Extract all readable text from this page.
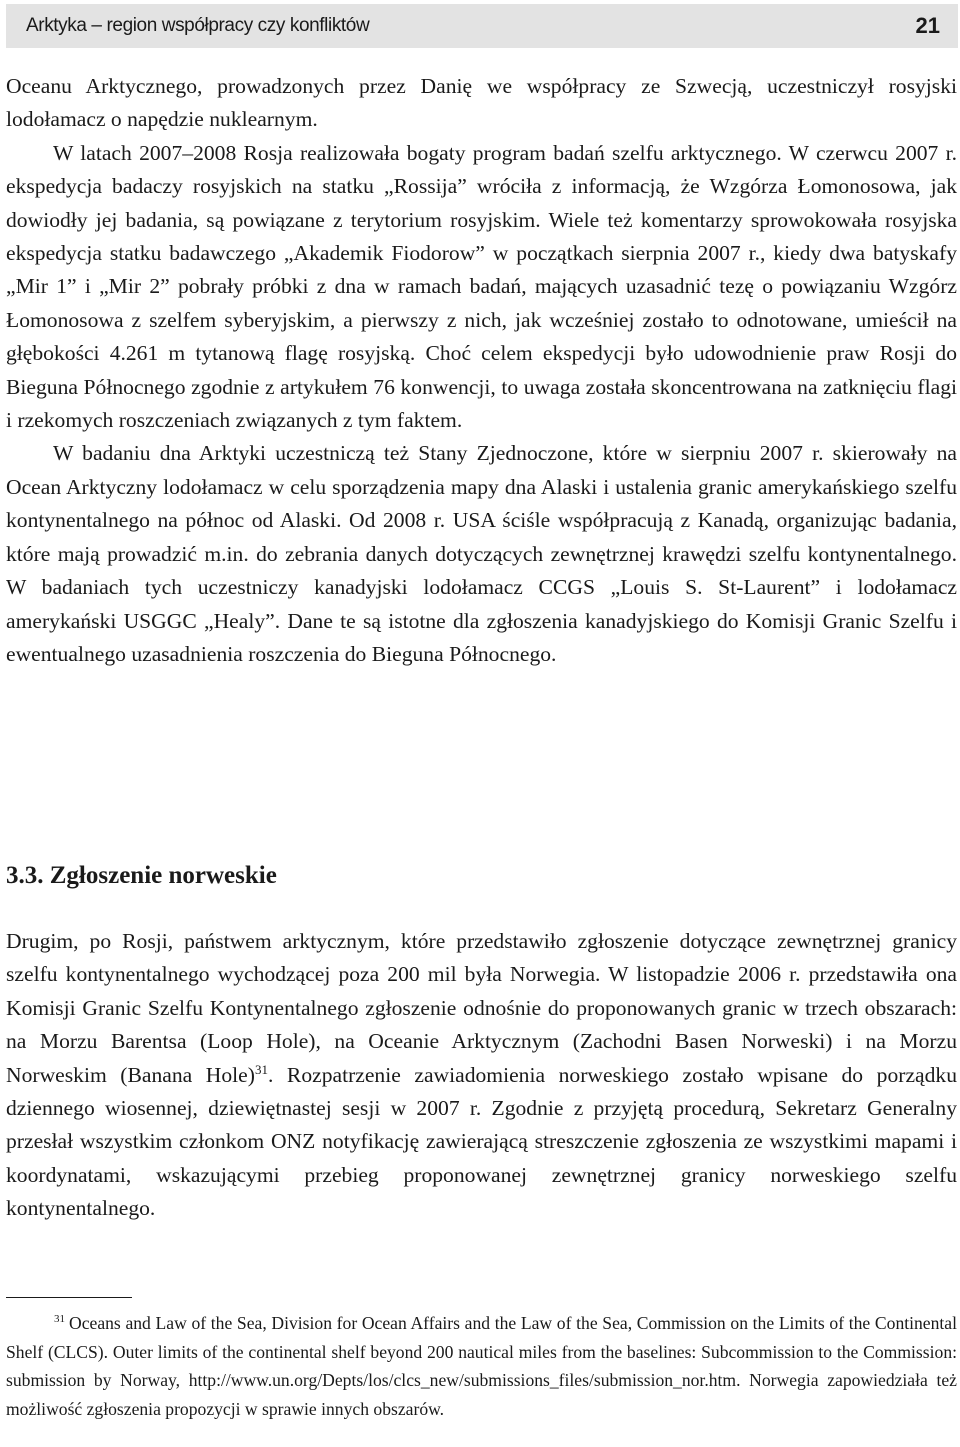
Arktyka – region współpracy czy konfliktów	21

Oceanu Arktycznego, prowadzonych przez Danię we współpracy ze Szwecją, uczestniczył rosyjski lodołamacz o napędzie nuklearnym.

W latach 2007–2008 Rosja realizowała bogaty program badań szelfu arktycznego. W czerwcu 2007 r. ekspedycja badaczy rosyjskich na statku „Rossija” wróciła z informacją, że Wzgórza Łomonosowa, jak dowiodły jej badania, są powiązane z terytorium rosyjskim. Wiele też komentarzy sprowokowała rosyjska ekspedycja statku badawczego „Akademik Fiodorow” w początkach sierpnia 2007 r., kiedy dwa batyskafy „Mir 1” i „Mir 2” pobrały próbki z dna w ramach badań, mających uzasadnić tezę o powiązaniu Wzgórz Łomonosowa z szelfem syberyjskim, a pierwszy z nich, jak wcześniej zostało to odnotowane, umieścił na głębokości 4.261 m tytanową flagę rosyjską. Choć celem ekspedycji było udowodnienie praw Rosji do Bieguna Północnego zgodnie z artykułem 76 konwencji, to uwaga została skoncentrowana na zatknięciu flagi i rzekomych roszczeniach związanych z tym faktem.

W badaniu dna Arktyki uczestniczą też Stany Zjednoczone, które w sierpniu 2007 r. skierowały na Ocean Arktyczny lodołamacz w celu sporządzenia mapy dna Alaski i ustalenia granic amerykańskiego szelfu kontynentalnego na północ od Alaski. Od 2008 r. USA ściśle współpracują z Kanadą, organizując badania, które mają prowadzić m.in. do zebrania danych dotyczących zewnętrznej krawędzi szelfu kontynentalnego. W badaniach tych uczestniczy kanadyjski lodołamacz CCGS „Louis S. St-Laurent” i lodołamacz amerykański USGGC „Healy”. Dane te są istotne dla zgłoszenia kanadyjskiego do Komisji Granic Szelfu i ewentualnego uzasadnienia roszczenia do Bieguna Północnego.

3.3. Zgłoszenie norweskie

Drugim, po Rosji, państwem arktycznym, które przedstawiło zgłoszenie dotyczące zewnętrznej granicy szelfu kontynentalnego wychodzącej poza 200 mil była Norwegia. W listopadzie 2006 r. przedstawiła ona Komisji Granic Szelfu Kontynentalnego zgłoszenie odnośnie do proponowanych granic w trzech obszarach: na Morzu Barentsa (Loop Hole), na Oceanie Arktycznym (Zachodni Basen Norweski) i na Morzu Norweskim (Banana Hole)$^{31}$. Rozpatrzenie zawiadomienia norweskiego zostało wpisane do porządku dziennego wiosennej, dziewiętnastej sesji w 2007 r. Zgodnie z przyjętą procedurą, Sekretarz Generalny przesłał wszystkim członkom ONZ notyfikację zawierającą streszczenie zgłoszenia ze wszystkimi mapami i koordynatami, wskazującymi przebieg proponowanej zewnętrznej granicy norweskiego szelfu kontynentalnego.

$^{31}$ Oceans and Law of the Sea, Division for Ocean Affairs and the Law of the Sea, Commission on the Limits of the Continental Shelf (CLCS). Outer limits of the continental shelf beyond 200 nautical miles from the baselines: Subcommission to the Commission: submission by Norway, http://www.un.org/Depts/los/clcs_new/submissions_files/submission_nor.htm. Norwegia zapowiedziała też możliwość zgłoszenia propozycji w sprawie innych obszarów.
